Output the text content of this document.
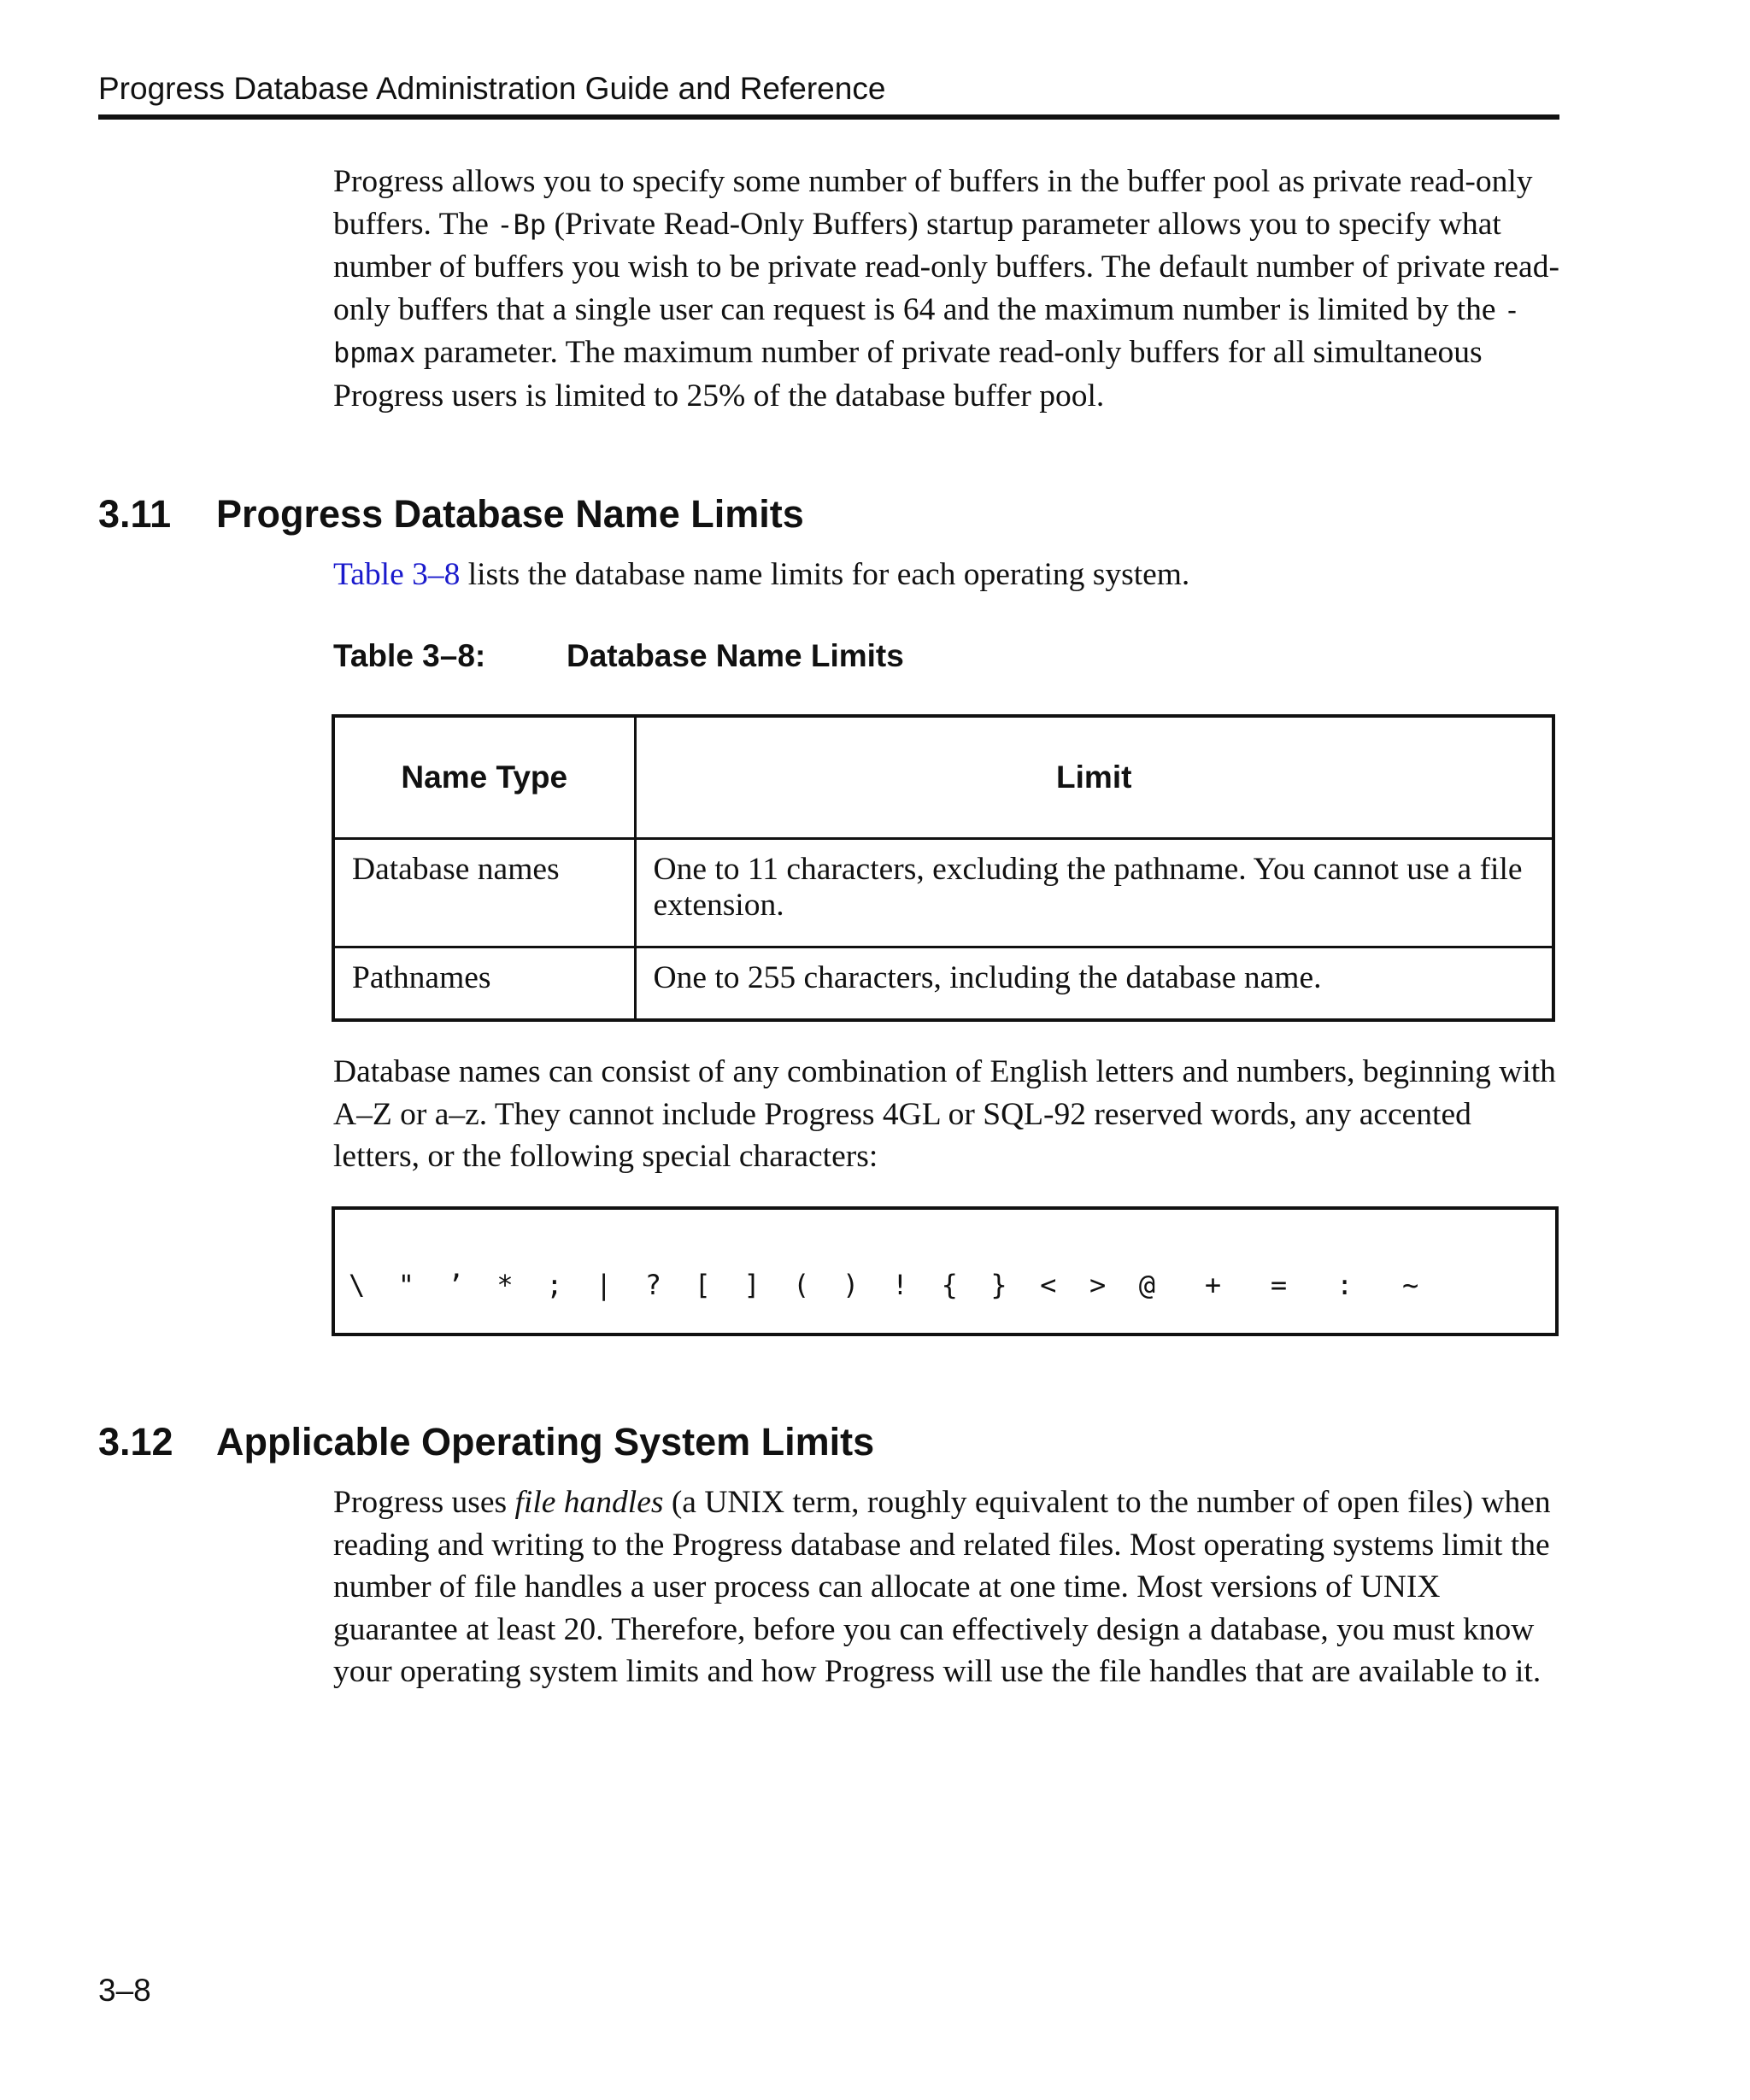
Progress Database Administration Guide and Reference

Progress allows you to specify some number of buffers in the buffer pool as private read-only buffers. The -Bp (Private Read-Only Buffers) startup parameter allows you to specify what number of buffers you wish to be private read-only buffers. The default number of private read-only buffers that a single user can request is 64 and the maximum number is limited by the -bpmax parameter. The maximum number of private read-only buffers for all simultaneous Progress users is limited to 25% of the database buffer pool.

3.11 Progress Database Name Limits

Table 3–8 lists the database name limits for each operating system.

Table 3–8:	Database Name Limits
Name Type	Limit
Database names	One to 11 characters, excluding the pathname. You cannot use a file extension.
Pathnames	One to 255 characters, including the database name.

Database names can consist of any combination of English letters and numbers, beginning with A–Z or a–z. They cannot include Progress 4GL or SQL-92 reserved words, any accented letters, or the following special characters:

\  "  ’  *  ;  |  ?  [  ]  (  )  !  {  }  <  >  @   +   =   :   ~
3.12 Applicable Operating System Limits

Progress uses file handles (a UNIX term, roughly equivalent to the number of open files) when reading and writing to the Progress database and related files. Most operating systems limit the number of file handles a user process can allocate at one time. Most versions of UNIX guarantee at least 20. Therefore, before you can effectively design a database, you must know your operating system limits and how Progress will use the file handles that are available to it.

3–8
